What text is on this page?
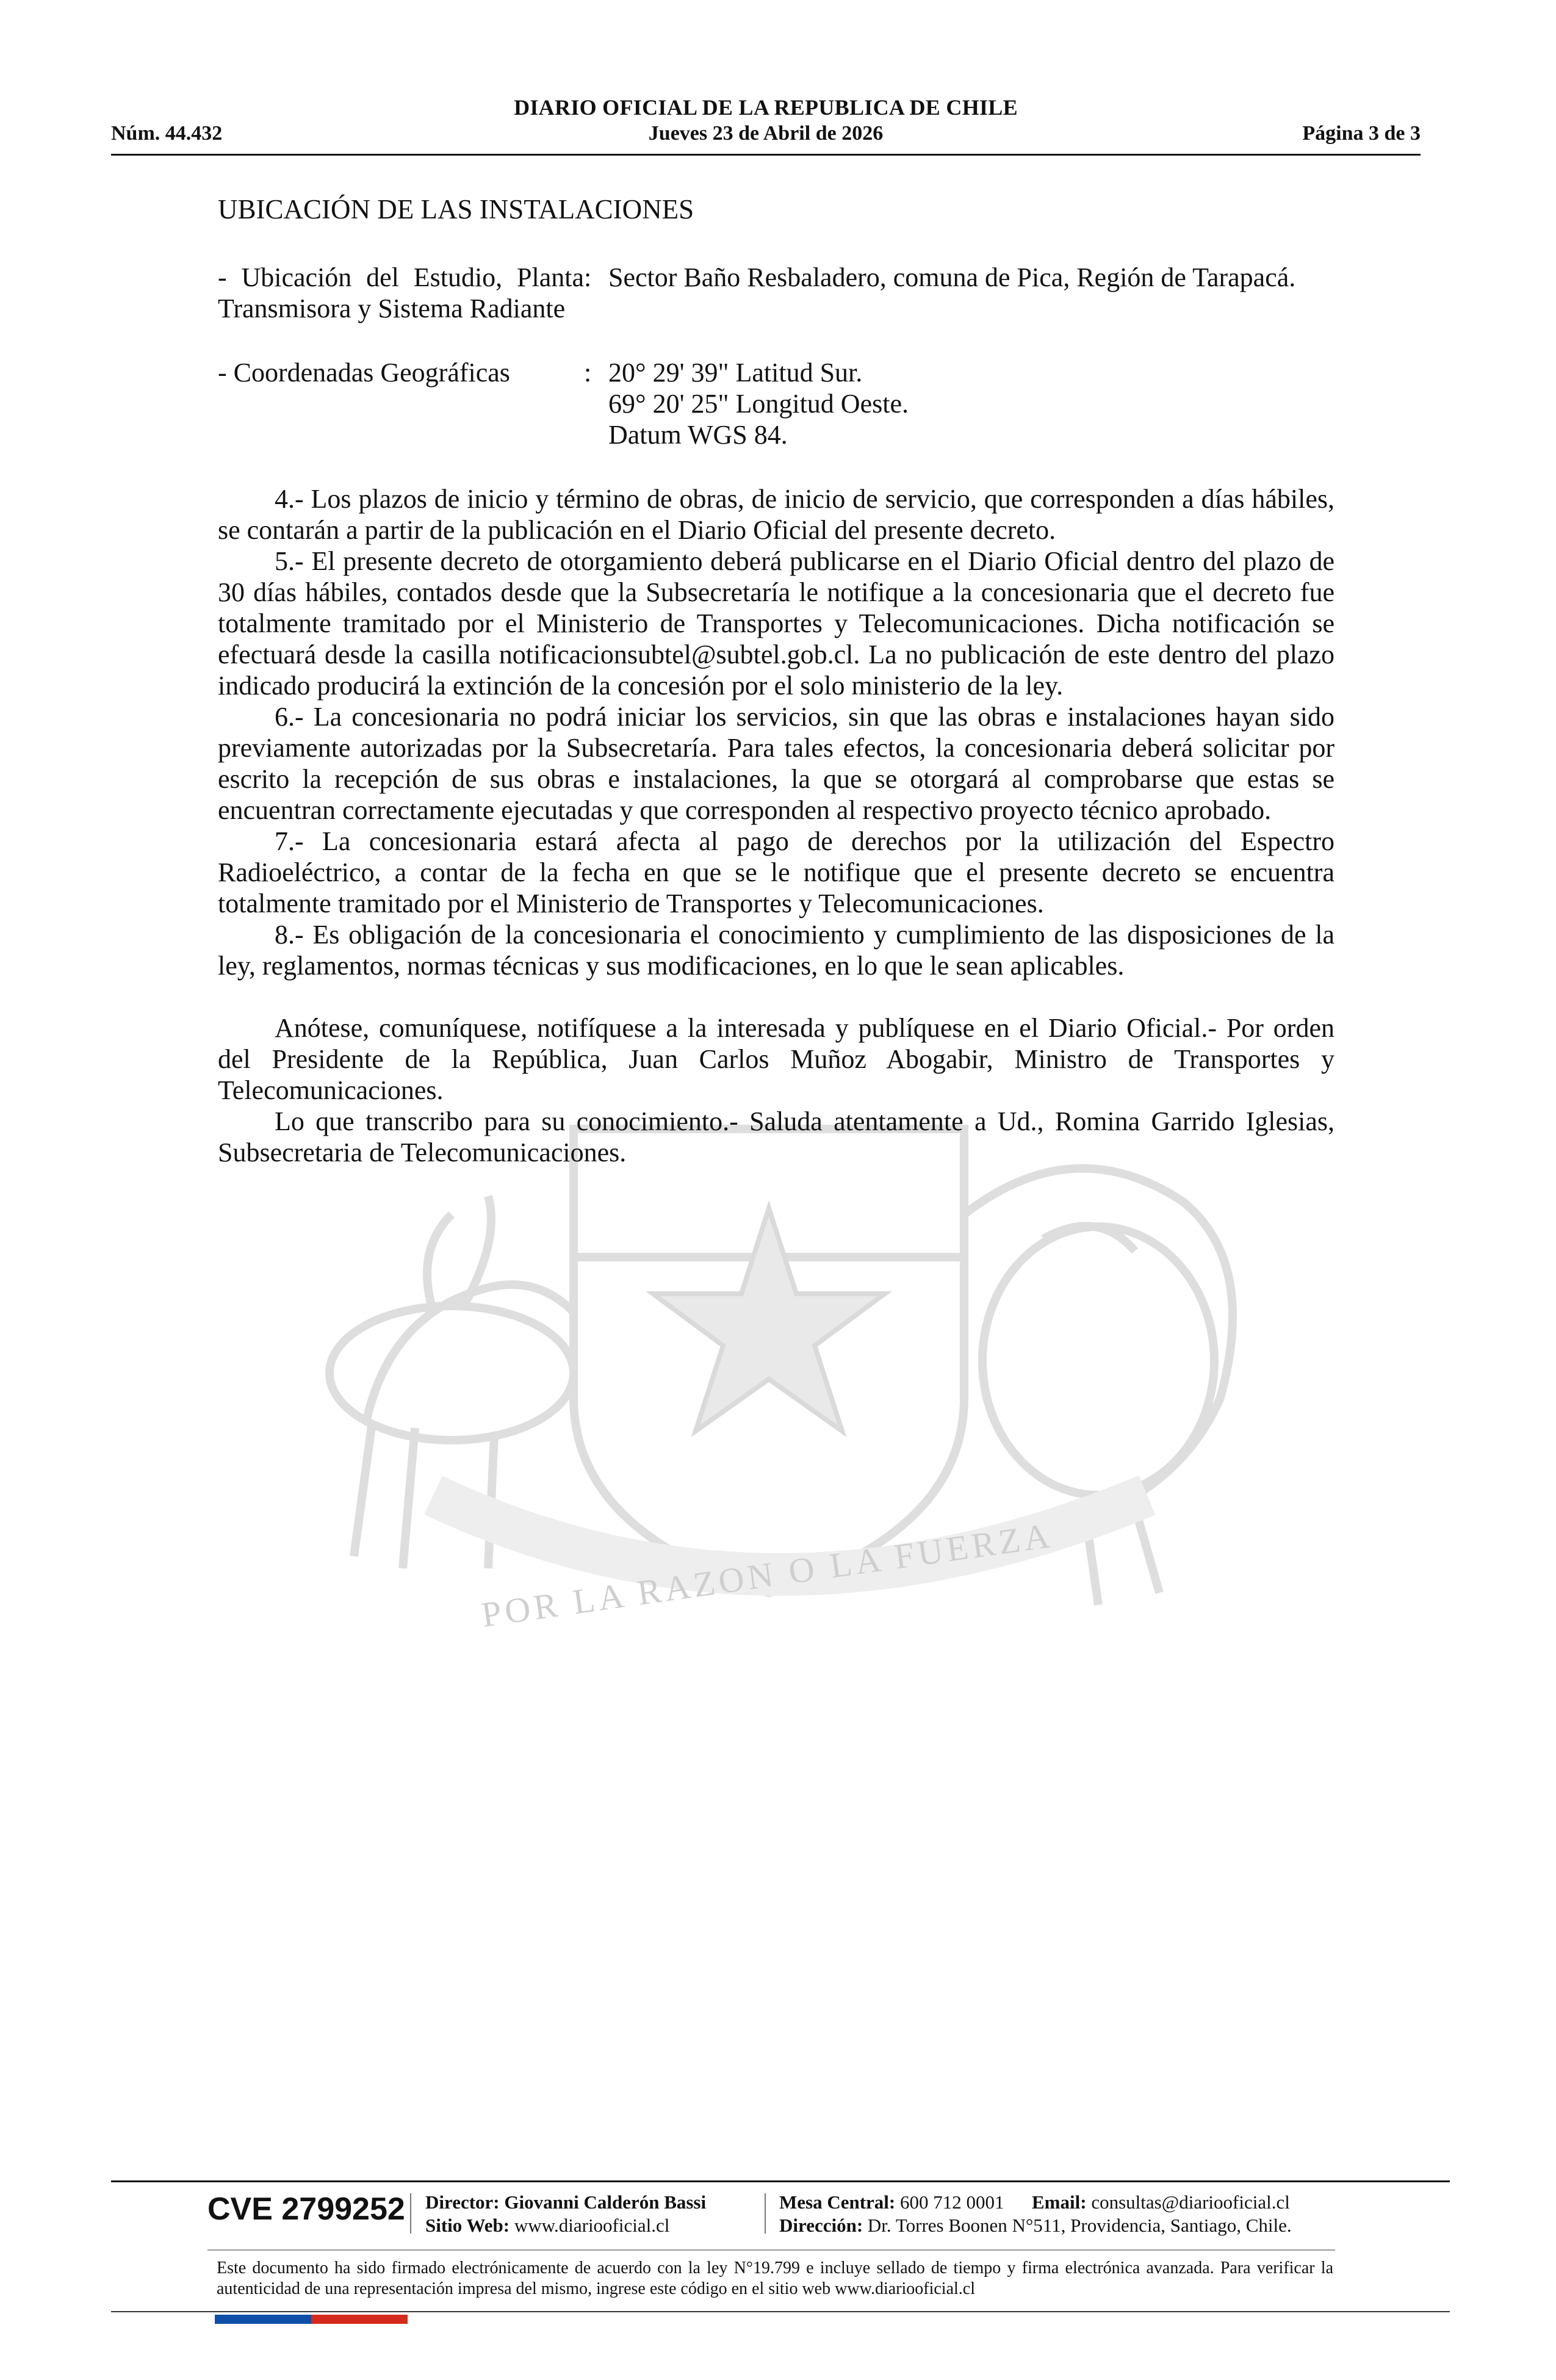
DIARIO OFICIAL DE LA REPUBLICA DE CHILE
Núm. 44.432	Jueves 23 de Abril de 2026	Página 3 de 3
POR LA RAZON O LA FUERZA

UBICACIÓN DE LAS INSTALACIONES

- Ubicación del Estudio, Planta Transmisora y Sistema Radiante
: Sector Baño Resbaladero, comuna de Pica, Región de Tarapacá.
- Coordenadas Geográficas	: 20° 29' 39" Latitud Sur.
69° 20' 25" Longitud Oeste.
Datum WGS 84.

4.- Los plazos de inicio y término de obras, de inicio de servicio, que corresponden a días hábiles, se contarán a partir de la publicación en el Diario Oficial del presente decreto.

5.- El presente decreto de otorgamiento deberá publicarse en el Diario Oficial dentro del plazo de 30 días hábiles, contados desde que la Subsecretaría le notifique a la concesionaria que el decreto fue totalmente tramitado por el Ministerio de Transportes y Telecomunicaciones. Dicha notificación se efectuará desde la casilla notificacionsubtel@subtel.gob.cl. La no publicación de este dentro del plazo indicado producirá la extinción de la concesión por el solo ministerio de la ley.

6.- La concesionaria no podrá iniciar los servicios, sin que las obras e instalaciones hayan sido previamente autorizadas por la Subsecretaría. Para tales efectos, la concesionaria deberá solicitar por escrito la recepción de sus obras e instalaciones, la que se otorgará al comprobarse que estas se encuentran correctamente ejecutadas y que corresponden al respectivo proyecto técnico aprobado.

7.- La concesionaria estará afecta al pago de derechos por la utilización del Espectro Radioeléctrico, a contar de la fecha en que se le notifique que el presente decreto se encuentra totalmente tramitado por el Ministerio de Transportes y Telecomunicaciones.

8.- Es obligación de la concesionaria el conocimiento y cumplimiento de las disposiciones de la ley, reglamentos, normas técnicas y sus modificaciones, en lo que le sean aplicables.

Anótese, comuníquese, notifíquese a la interesada y publíquese en el Diario Oficial.- Por orden del Presidente de la República, Juan Carlos Muñoz Abogabir, Ministro de Transportes y Telecomunicaciones.

Lo que transcribo para su conocimiento.- Saluda atentamente a Ud., Romina Garrido Iglesias, Subsecretaria de Telecomunicaciones.

CVE 2799252 Director: Giovanni Calderón Bassi
Sitio Web: www.diariooficial.cl
Mesa Central: 600 712 0001 Email: consultas@diariooficial.cl
Dirección: Dr. Torres Boonen N°511, Providencia, Santiago, Chile.
Este documento ha sido firmado electrónicamente de acuerdo con la ley N°19.799 e incluye sellado de tiempo y firma electrónica avanzada. Para verificar la autenticidad de una representación impresa del mismo, ingrese este código en el sitio web www.diariooficial.cl
